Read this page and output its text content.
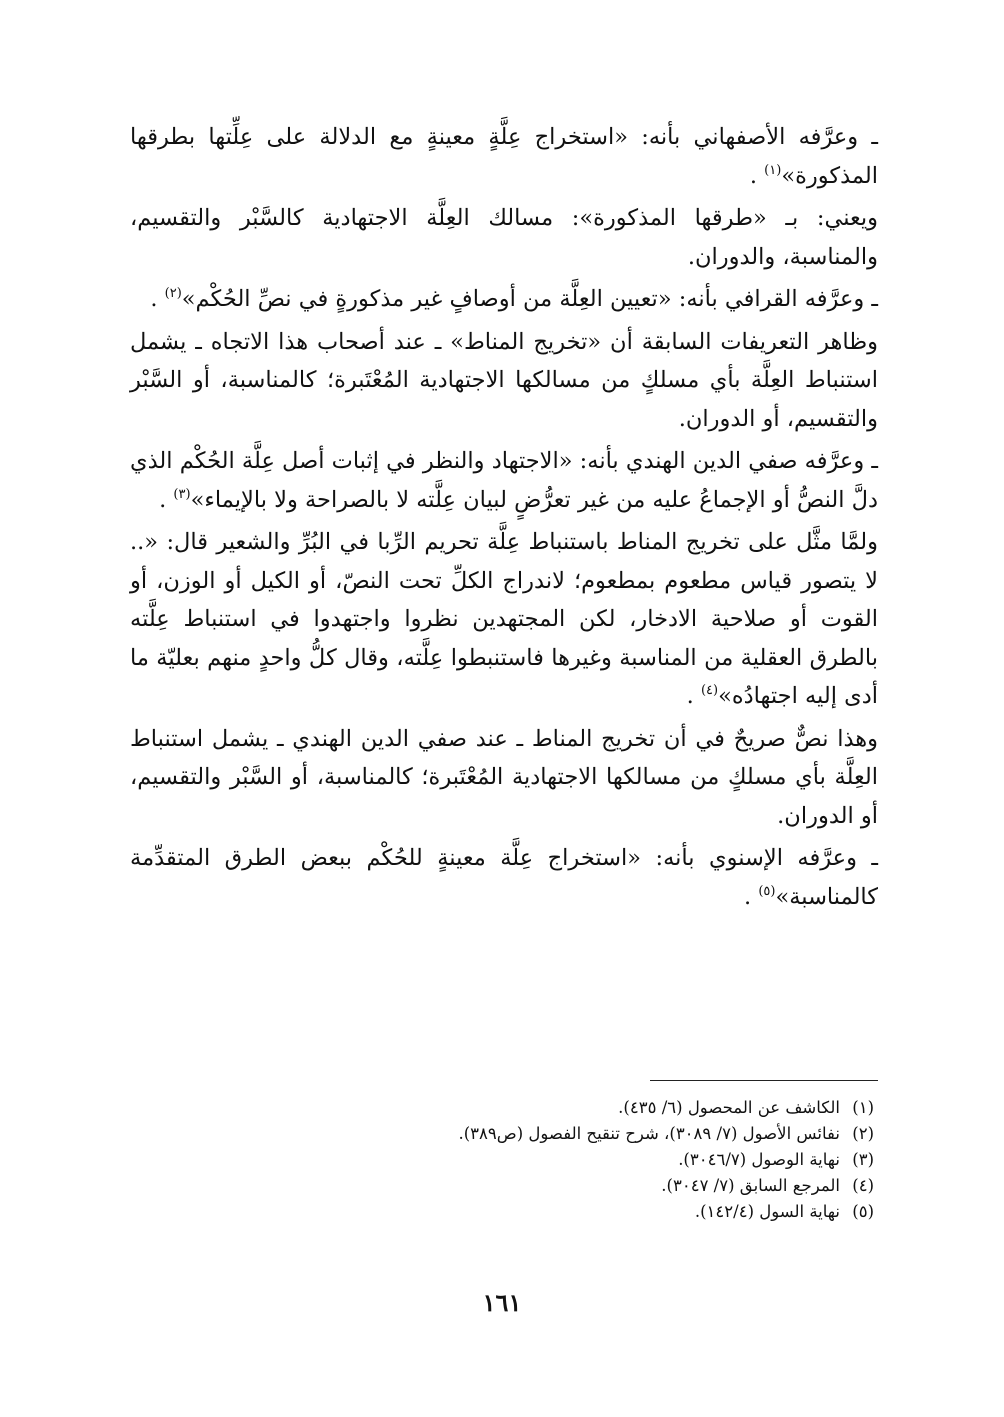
ـ وعرَّفه الأصفهاني بأنه: «استخراج عِلَّةٍ معينةٍ مع الدلالة على عِلِّتها بطرقها المذكورة»$^{(١)}$ .

ويعني: بـ «طرقها المذكورة»: مسالك العِلَّة الاجتهادية كالسَّبْر والتقسيم، والمناسبة، والدوران.

ـ وعرَّفه القرافي بأنه: «تعيين العِلَّة من أوصافٍ غير مذكورةٍ في نصِّ الحُكْم»$^{(٢)}$ .

وظاهر التعريفات السابقة أن «تخريج المناط» ـ عند أصحاب هذا الاتجاه ـ يشمل استنباط العِلَّة بأي مسلكٍ من مسالكها الاجتهادية المُعْتَبرة؛ كالمناسبة، أو السَّبْر والتقسيم، أو الدوران.

ـ وعرَّفه صفي الدين الهندي بأنه: «الاجتهاد والنظر في إثبات أصل عِلَّة الحُكْم الذي دلَّ النصُّ أو الإجماعُ عليه من غير تعرُّضٍ لبيان عِلَّته لا بالصراحة ولا بالإيماء»$^{(٣)}$ .

ولمَّا مثَّل على تخريج المناط باستنباط عِلَّة تحريم الرِّبا في البُرِّ والشعير قال: «.. لا يتصور قياس مطعوم بمطعوم؛ لاندراج الكلِّ تحت النصّ، أو الكيل أو الوزن، أو القوت أو صلاحية الادخار، لكن المجتهدين نظروا واجتهدوا في استنباط عِلَّته بالطرق العقلية من المناسبة وغيرها فاستنبطوا عِلَّته، وقال كلُّ واحدٍ منهم بعليّة ما أدى إليه اجتهادُه»$^{(٤)}$ .

وهذا نصٌّ صريحٌ في أن تخريج المناط ـ عند صفي الدين الهندي ـ يشمل استنباط العِلَّة بأي مسلكٍ من مسالكها الاجتهادية المُعْتَبرة؛ كالمناسبة، أو السَّبْر والتقسيم، أو الدوران.

ـ وعرَّفه الإسنوي بأنه: «استخراج عِلَّة معينةٍ للحُكْم ببعض الطرق المتقدِّمة كالمناسبة»$^{(٥)}$ .

(١)
الكاشف عن المحصول (٦/ ٤٣٥).
(٢)
نفائس الأصول (٧/ ٣٠٨٩)، شرح تنقيح الفصول (ص٣٨٩).
(٣)
نهاية الوصول (٣٠٤٦/٧).
(٤)
المرجع السابق (٧/ ٣٠٤٧).
(٥)
نهاية السول (١٤٢/٤).
١٦١
